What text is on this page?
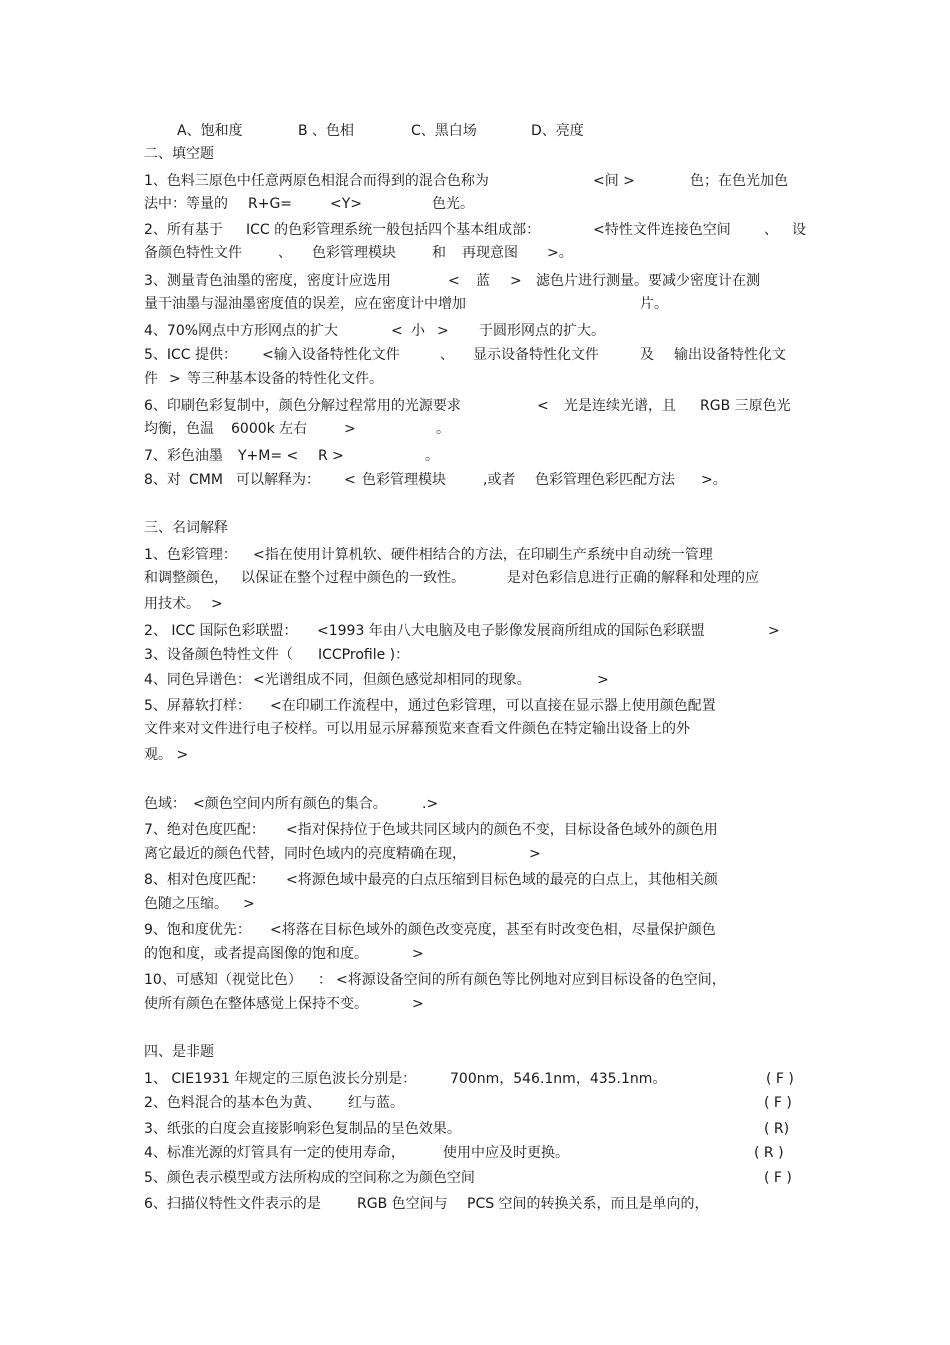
A、饱和度	B 、色相	C、黑白场	D、亮度
二、填空题
1、色料三原色中任意两原色相混合而得到的混合色称为	<间 >	色；在色光加色
法中：等量的 R+G=	<Y>	色光。
2、所有基于 ICC 的色彩管理系统一般包括四个基本组成部：	<特性文件连接色空间 、 设
备颜色特性文件	、 色彩管理模块	和 再现意图 >。
3、测量青色油墨的密度，密度计应选用	< 蓝 > 滤色片进行测量。要减少密度计在测
量干油墨与湿油墨密度值的误差，应在密度计中增加	片。
4、70%网点中方形网点的扩大	< 小 > 于圆形网点的扩大。
5、ICC 提供： <输入设备特性化文件	、 显示设备特性化文件	及 输出设备特性化文
件 > 等三种基本设备的特性化文件。
6、印刷色彩复制中，颜色分解过程常用的光源要求	< 光是连续光谱，且 RGB 三原色光
均衡，色温 6000k 左右	>	。
7、彩色油墨 Y+M= < R >	。
8、对 CMM 可以解释为： < 色彩管理模块	,或者 色彩管理色彩匹配方法 >。
三、名词解释
1、色彩管理： <指在使用计算机软、硬件相结合的方法，在印刷生产系统中自动统一管理
和调整颜色， 以保证在整个过程中颜色的一致性。	是对色彩信息进行正确的解释和处理的应
用技术。 >
2、 ICC 国际色彩联盟： <1993 年由八大电脑及电子影像发展商所组成的国际色彩联盟	>
3、设备颜色特性文件（ ICCProfile )：
4、同色异谱色： <光谱组成不同，但颜色感觉却相同的现象。	>
5、屏幕软打样： <在印刷工作流程中，通过色彩管理，可以直接在显示器上使用颜色配置
文件来对文件进行电子校样。可以用显示屏幕预览来查看文件颜色在特定输出设备上的外
观。 >
色域： <颜色空间内所有颜色的集合。	.>
7、绝对色度匹配： <指对保持位于色域共同区域内的颜色不变，目标设备色域外的颜色用
离它最近的颜色代替，同时色域内的亮度精确在现，	>
8、相对色度匹配： <将源色域中最亮的白点压缩到目标色域的最亮的白点上，其他相关颜
色随之压缩。 >
9、饱和度优先： <将落在目标色域外的颜色改变亮度，甚至有时改变色相，尽量保护颜色
的饱和度，或者提高图像的饱和度。	>
10、可感知（视觉比色） ： <将源设备空间的所有颜色等比例地对应到目标设备的色空间，
使所有颜色在整体感觉上保持不变。	>
四、是非题
1、 CIE1931 年规定的三原色波长分别是： 700nm，546.1nm，435.1nm。	( F )
2、色料混合的基本色为黄、 红与蓝。	( F )
3、纸张的白度会直接影响彩色复制品的呈色效果。	( R)
4、标准光源的灯管具有一定的使用寿命，	使用中应及时更换。	( R )
5、颜色表示模型或方法所构成的空间称之为颜色空间	( F )
6、扫描仪特性文件表示的是	RGB 色空间与 PCS 空间的转换关系，而且是单向的，
